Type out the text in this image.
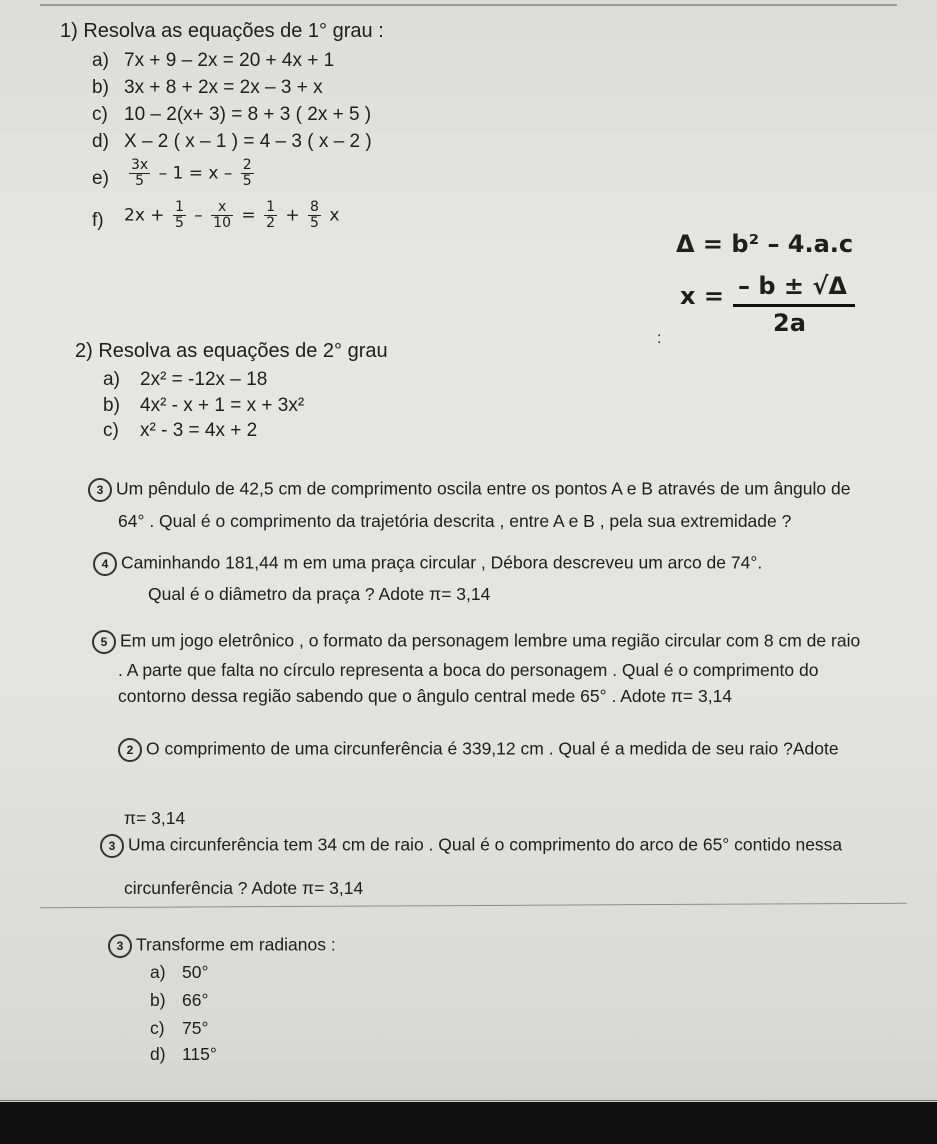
1) Resolva as equações de 1° grau :
a) 7x + 9 – 2x = 20 + 4x + 1
b) 3x + 8 + 2x = 2x – 3 + x
c) 10 – 2(x+ 3) = 8 + 3 ( 2x + 5 )
d) X – 2 ( x – 1 ) = 4 – 3 ( x – 2 )
$e) \frac{3x}{5} - 1 = x - \frac{2}{5}$
f) $2x + \frac{1}{5} - \frac{x}{10} = \frac{1}{2} + \frac{8}{5}$ x
Δ = b² – 4.a.c
x = – b ± √Δ
2a
:
2) Resolva as equações de 2° grau
a) 2x² = -12x – 18
b) 4x² - x + 1 = x + 3x²
c) x² - 3 = 4x + 2
3 Um pêndulo de 42,5 cm de comprimento oscila entre os pontos A e B através de um ângulo de
64° . Qual é o comprimento da trajetória descrita , entre A e B , pela sua extremidade ?
4 Caminhando 181,44 m em uma praça circular , Débora descreveu um arco de 74°.
Qual é o diâmetro da praça ? Adote π= 3,14
5 Em um jogo eletrônico , o formato da personagem lembre uma região circular com 8 cm de raio
. A parte que falta no círculo representa a boca do personagem . Qual é o comprimento do
contorno dessa região sabendo que o ângulo central mede 65° . Adote π= 3,14
2 O comprimento de uma circunferência é 339,12 cm . Qual é a medida de seu raio ?Adote
π= 3,14
3 Uma circunferência tem 34 cm de raio . Qual é o comprimento do arco de 65° contido nessa
circunferência ? Adote π= 3,14
3 Transforme em radianos :
a) 50°
b) 66°
c) 75°
d) 115°
